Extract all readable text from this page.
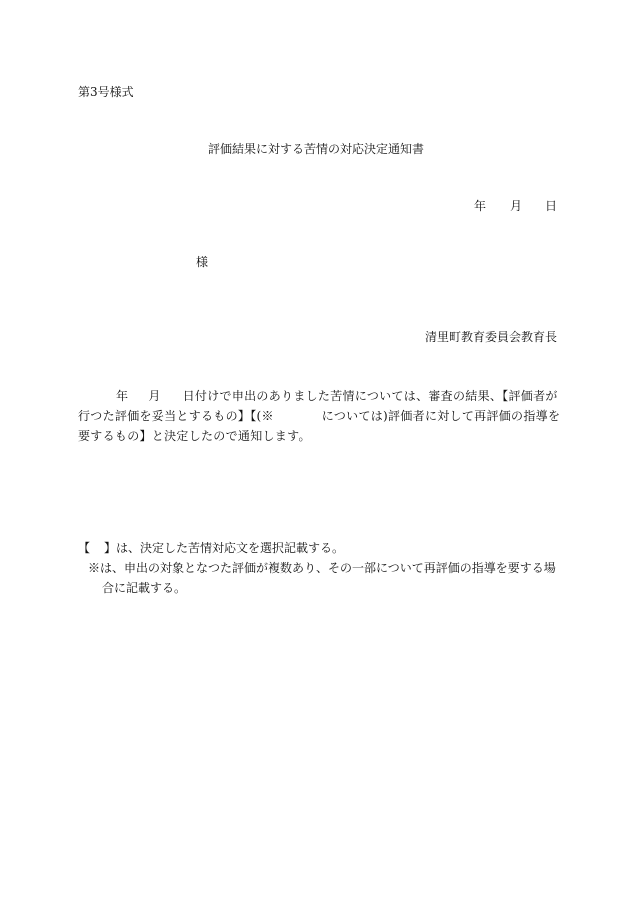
第3号様式
評価結果に対する苦情の対応決定通知書
年 月 日
様
清里町教育委員会教育長
年 月 日付けで申出のありました苦情については、審査の結果、【評価者が
行つた評価を妥当とするもの】【(※	については)評価者に対して再評価の指導を
要するもの】と決定したので通知します。
【 】は、決定した苦情対応文を選択記載する。
※は、申出の対象となつた評価が複数あり、その一部について再評価の指導を要する場
合に記載する。
